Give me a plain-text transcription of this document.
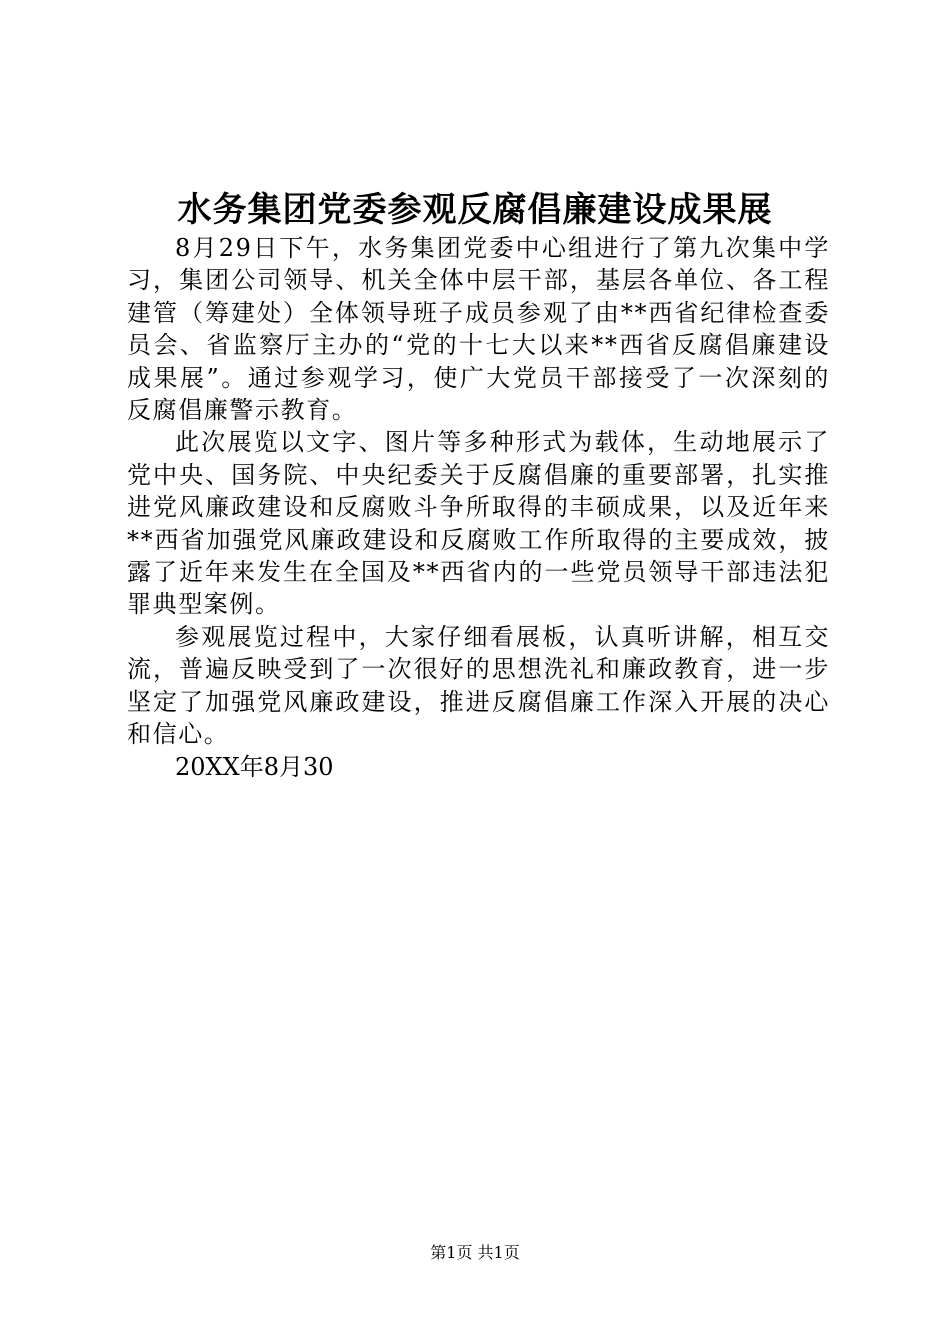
水务集团党委参观反腐倡廉建设成果展

8月29日下午，水务集团党委中心组进行了第九次集中学习，集团公司领导、机关全体中层干部，基层各单位、各工程建管（筹建处）全体领导班子成员参观了由**西省纪律检查委员会、省监察厅主办的“党的十七大以来**西省反腐倡廉建设成果展”。通过参观学习，使广大党员干部接受了一次深刻的反腐倡廉警示教育。

此次展览以文字、图片等多种形式为载体，生动地展示了党中央、国务院、中央纪委关于反腐倡廉的重要部署，扎实推进党风廉政建设和反腐败斗争所取得的丰硕成果，以及近年来**西省加强党风廉政建设和反腐败工作所取得的主要成效，披露了近年来发生在全国及**西省内的一些党员领导干部违法犯罪典型案例。

参观展览过程中，大家仔细看展板，认真听讲解，相互交流，普遍反映受到了一次很好的思想洗礼和廉政教育，进一步坚定了加强党风廉政建设，推进反腐倡廉工作深入开展的决心和信心。

20XX年8月30

第1页 共1页
